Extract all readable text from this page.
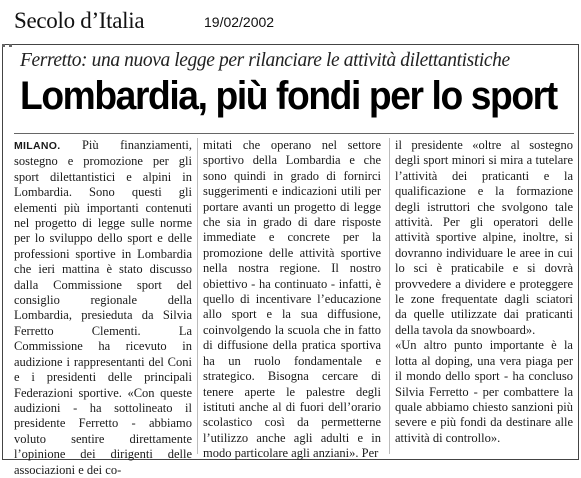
Secolo d’Italia	19/02/2002
Ferretto: una nuova legge per rilanciare le attività dilettantistiche
Lombardia, più fondi per lo sport

MILANO. Più finanziamenti, sostegno e promozione per gli sport dilettantistici e alpini in Lombardia. Sono questi gli elementi più importanti contenuti nel progetto di legge sulle norme per lo sviluppo dello sport e delle professioni sportive in Lombardia che ieri mattina è stato discusso dalla Commissione sport del consiglio regionale della Lombardia, presieduta da Silvia Ferretto Clementi. La Commissione ha ricevuto in audizione i rappresentanti del Coni e i presidenti delle principali Federazioni sportive. «Con queste audizioni - ha sottolineato il presidente Ferretto - abbiamo voluto sentire direttamente l’opinione dei dirigenti delle associazioni e dei co-

mitati che operano nel settore sportivo della Lombardia e che sono quindi in grado di fornirci suggerimenti e indicazioni utili per portare avanti un progetto di legge che sia in grado di dare risposte immediate e concrete per la promozione delle attività sportive nella nostra regione. Il nostro obiettivo - ha continuato - infatti, è quello di incentivare l’educazione allo sport e la sua diffusione, coinvolgendo la scuola che in fatto di diffusione della pratica sportiva ha un ruolo fondamentale e strategico. Bisogna cercare di tenere aperte le palestre degli istituti anche al di fuori dell’orario scolastico così da permetterne l’utilizzo anche agli adulti e in modo particolare agli anziani». Per

il presidente «oltre al sostegno degli sport minori si mira a tutelare l’attività dei praticanti e la qualificazione e la formazione degli istruttori che svolgono tale attività. Per gli operatori delle attività sportive alpine, inoltre, si dovranno individuare le aree in cui lo sci è praticabile e si dovrà provvedere a dividere e proteggere le zone frequentate dagli sciatori da quelle utilizzate dai praticanti della tavola da snowboard».

«Un altro punto importante è la lotta al doping, una vera piaga per il mondo dello sport - ha concluso Silvia Ferretto - per combattere la quale abbiamo chiesto sanzioni più severe e più fondi da destinare alle attività di controllo».
